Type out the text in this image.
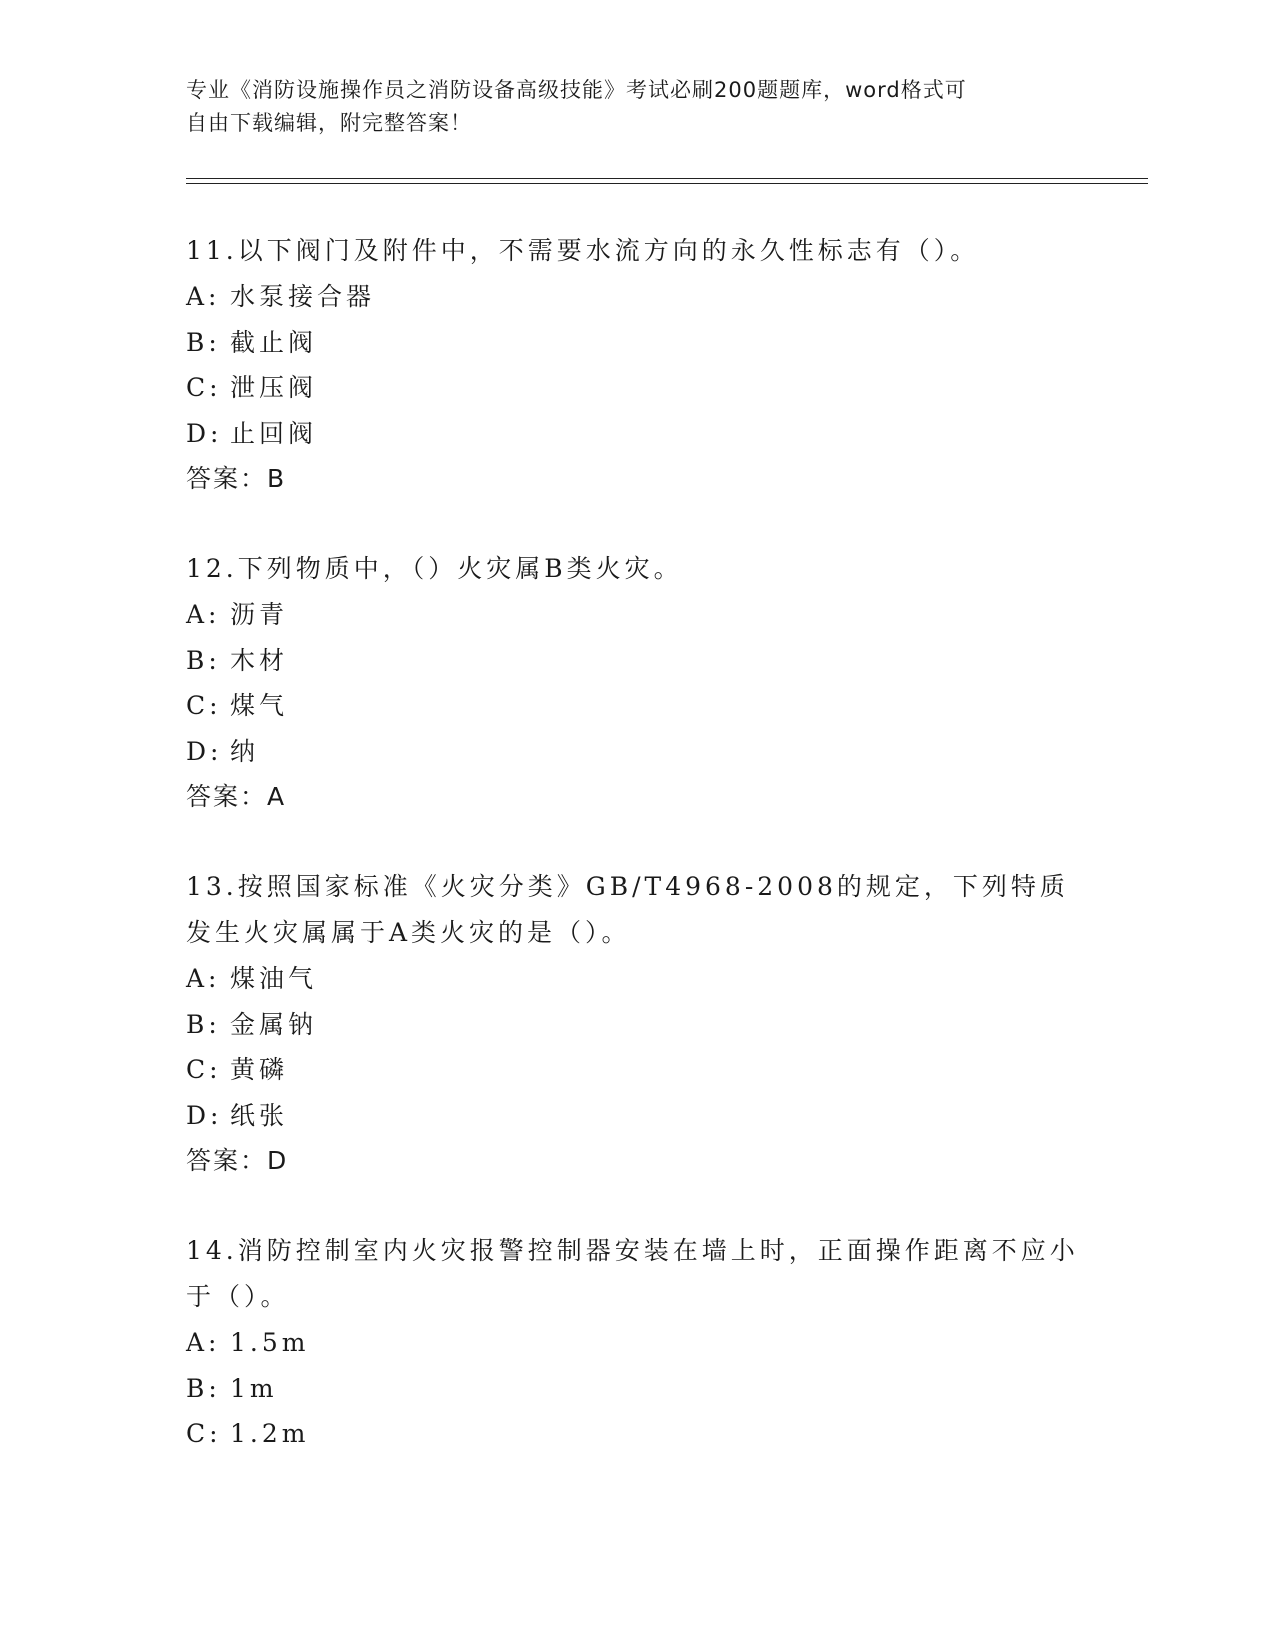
专业《消防设施操作员之消防设备高级技能》考试必刷200题题库，word格式可
自由下载编辑，附完整答案！

11.以下阀门及附件中，不需要水流方向的永久性标志有（）。

A: 水泵接合器
B: 截止阀
C: 泄压阀
D: 止回阀
答案：B

12.下列物质中，（）火灾属B类火灾。

A: 沥青
B: 木材
C: 煤气
D: 纳
答案：A

13.按照国家标准《火灾分类》GB/T4968-2008的规定，下列特质发生火灾属属于A类火灾的是（）。

A: 煤油气
B: 金属钠
C: 黄磷
D: 纸张
答案：D

14.消防控制室内火灾报警控制器安装在墙上时，正面操作距离不应小于（）。

A: 1.5m
B: 1m
C: 1.2m
